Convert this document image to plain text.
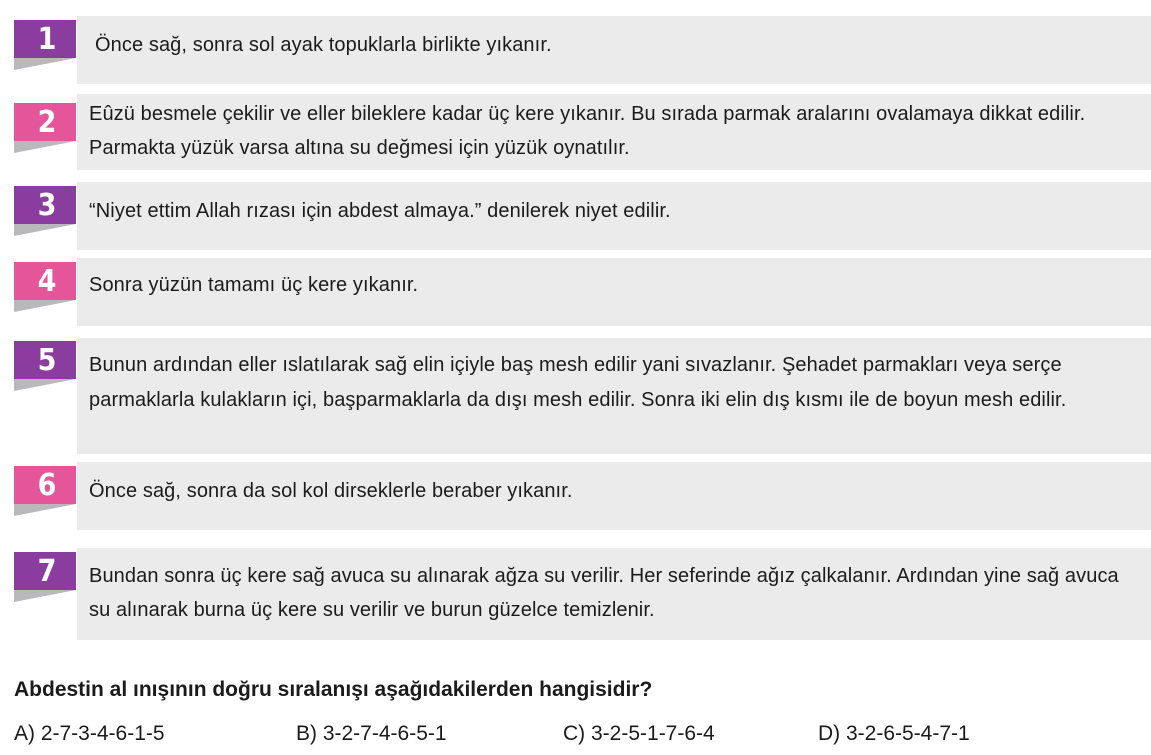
Önce sağ, sonra sol ayak topuklarla birlikte yıkanır.
1
Eûzü besmele çekilir ve eller bileklere kadar üç kere yıkanır. Bu sırada parmak aralarını ovalamaya dikkat edilir. Parmakta yüzük varsa altına su değmesi için yüzük oynatılır.
2
“Niyet ettim Allah rızası için abdest almaya.” denilerek niyet edilir.
3
Sonra yüzün tamamı üç kere yıkanır.
4
Bunun ardından eller ıslatılarak sağ elin içiyle baş mesh edilir yani sıvazlanır. Şehadet parmakları veya serçe parmaklarla kulakların içi, başparmaklarla da dışı mesh edilir. Sonra iki elin dış kısmı ile de boyun mesh edilir.
5
Önce sağ, sonra da sol kol dirseklerle beraber yıkanır.
6
Bundan sonra üç kere sağ avuca su alınarak ağza su verilir. Her seferinde ağız çalkalanır. Ardından yine sağ avuca su alınarak burna üç kere su verilir ve burun güzelce temizlenir.
7
Abdestin al ınışının doğru sıralanışı aşağıdakilerden hangisidir?
A) 2-7-3-4-6-1-5	B) 3-2-7-4-6-5-1	C) 3-2-5-1-7-6-4	D) 3-2-6-5-4-7-1
